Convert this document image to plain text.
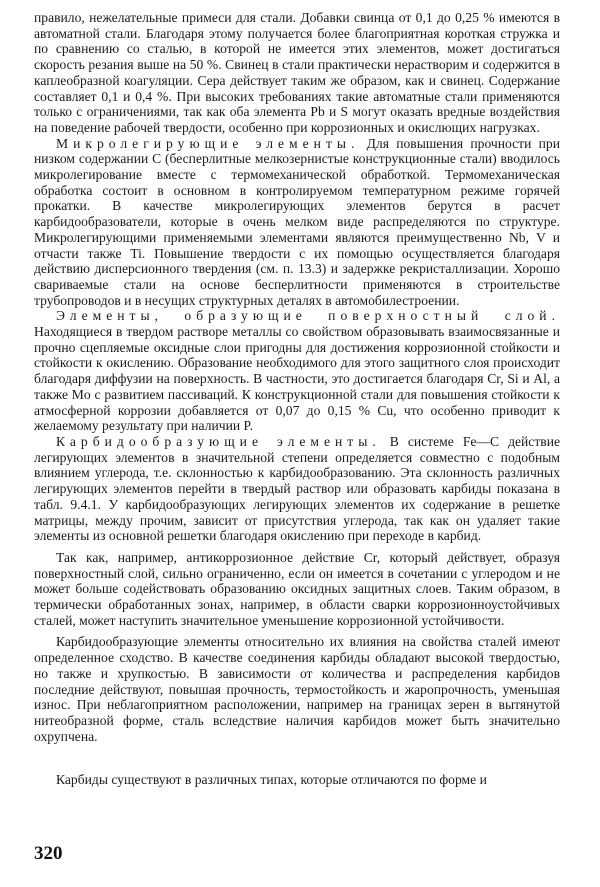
правило, нежелательные примеси для стали. Добавки свинца от 0,1 до 0,25 % имеются в автоматной стали. Благодаря этому получается более благоприятная короткая стружка и по сравнению со сталью, в которой не имеется этих элементов, может достигаться скорость резания выше на 50 %. Свинец в стали практически нерастворим и содержится в каплеобразной коагуляции. Сера действует таким же образом, как и свинец. Содержание составляет 0,1 и 0,4 %. При высоких требованиях такие автоматные стали применяются только с ограничениями, так как оба элемента Pb и S могут оказать вредные воздействия на поведение рабочей твердости, особенно при коррозионных и окислющих нагрузках.

Микролегирующие элементы. Для повышения прочности при низком содержании С (бесперлитные мелкозернистые конструкционные стали) вводилось микролегирование вместе с термомеханической обработкой. Термомеханическая обработка состоит в основном в контролируемом температурном режиме горячей прокатки. В качестве микролегирующих элементов берутся в расчет карбидообразователи, которые в очень мелком виде распределяются по структуре. Микролегирующими применяемыми элементами являются преимущественно Nb, V и отчасти также Ti. Повышение твердости с их помощью осуществляется благодаря действию дисперсионного твердения (см. п. 13.3) и задержке рекристаллизации. Хорошо свариваемые стали на основе бесперлитности применяются в строительстве трубопроводов и в несущих структурных деталях в автомобилестроении.

Элементы, образующие поверхностный слой. Находящиеся в твердом растворе металлы со свойством образовывать взаимосвязанные и прочно сцепляемые оксидные слои пригодны для достижения коррозионной стойкости и стойкости к окислению. Образование необходимого для этого защитного слоя происходит благодаря диффузии на поверхность. В частности, это достигается благодаря Cr, Si и Al, а также Mo с развитием пассиваций. К конструкционной стали для повышения стойкости к атмосферной коррозии добавляется от 0,07 до 0,15 % Cu, что особенно приводит к желаемому результату при наличии P.

Карбидообразующие элементы. В системе Fe—C действие легирующих элементов в значительной степени определяется совместно с подобным влиянием углерода, т.е. склонностью к карбидообразованию. Эта склонность различных легирующих элементов перейти в твердый раствор или образовать карбиды показана в табл. 9.4.1. У карбидообразующих легирующих элементов их содержание в решетке матрицы, между прочим, зависит от присутствия углерода, так как он удаляет такие элементы из основной решетки благодаря окислению при переходе в карбид.

Так как, например, антикоррозионное действие Cr, который действует, образуя поверхностный слой, сильно ограниченно, если он имеется в сочетании с углеродом и не может больше содействовать образованию оксидных защитных слоев. Таким образом, в термически обработанных зонах, например, в области сварки коррозионноустойчивых сталей, может наступить значительное уменьшение коррозионной устойчивости.

Карбидообразующие элементы относительно их влияния на свойства сталей имеют определенное сходство. В качестве соединения карбиды обладают высокой твердостью, но также и хрупкостью. В зависимости от количества и распределения карбидов последние действуют, повышая прочность, термостойкость и жаропрочность, уменьшая износ. При неблагоприятном расположении, например на границах зерен в вытянутой нитеобразной форме, сталь вследствие наличия карбидов может быть значительно охрупчена.

Карбиды существуют в различных типах, которые отличаются по форме и

320
